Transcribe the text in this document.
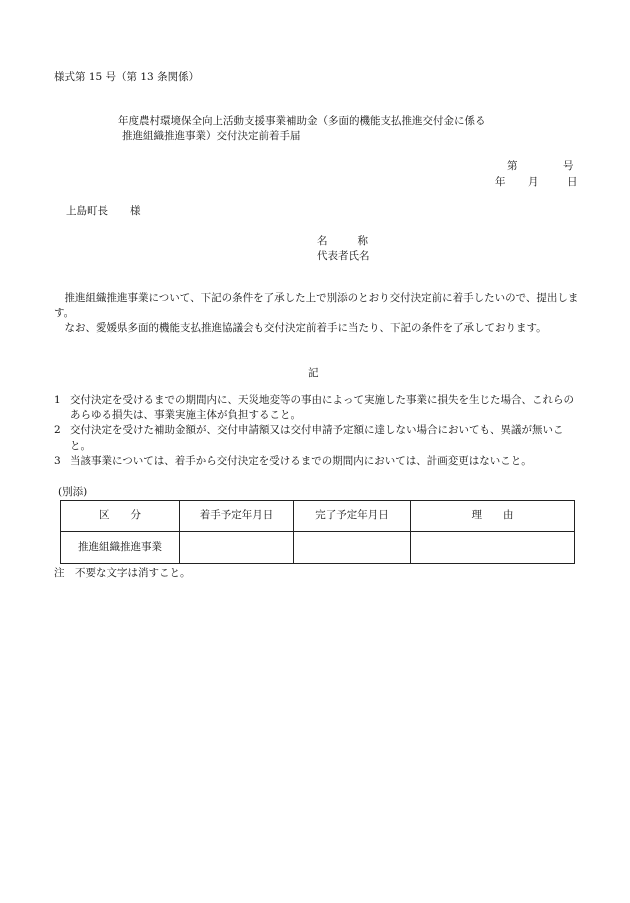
様式第 15 号（第 13 条関係）
年度農村環境保全向上活動支援事業補助金（多面的機能支払推進交付金に係る
推進組織推進事業）交付決定前着手届
第	号
年 月	日
上島町長 様
名	称
代表者氏名

推進組織推進事業について、下記の条件を了承した上で別添のとおり交付決定前に着手したいので、提出します。

なお、愛媛県多面的機能支払推進協議会も交付決定前着手に当たり、下記の条件を了承しております。

記
1 交付決定を受けるまでの期間内に、天災地変等の事由によって実施した事業に損失を生じた場合、これらのあらゆる損失は、事業実施主体が負担すること。
2 交付決定を受けた補助金額が、交付申請額又は交付申請予定額に達しない場合においても、異議が無いこと。
3 当該事業については、着手から交付決定を受けるまでの期間内においては、計画変更はないこと。
(別添)
区　　分	着手予定年月日	完了予定年月日	理　　由
推進組織推進事業			
注　不要な文字は消すこと。
